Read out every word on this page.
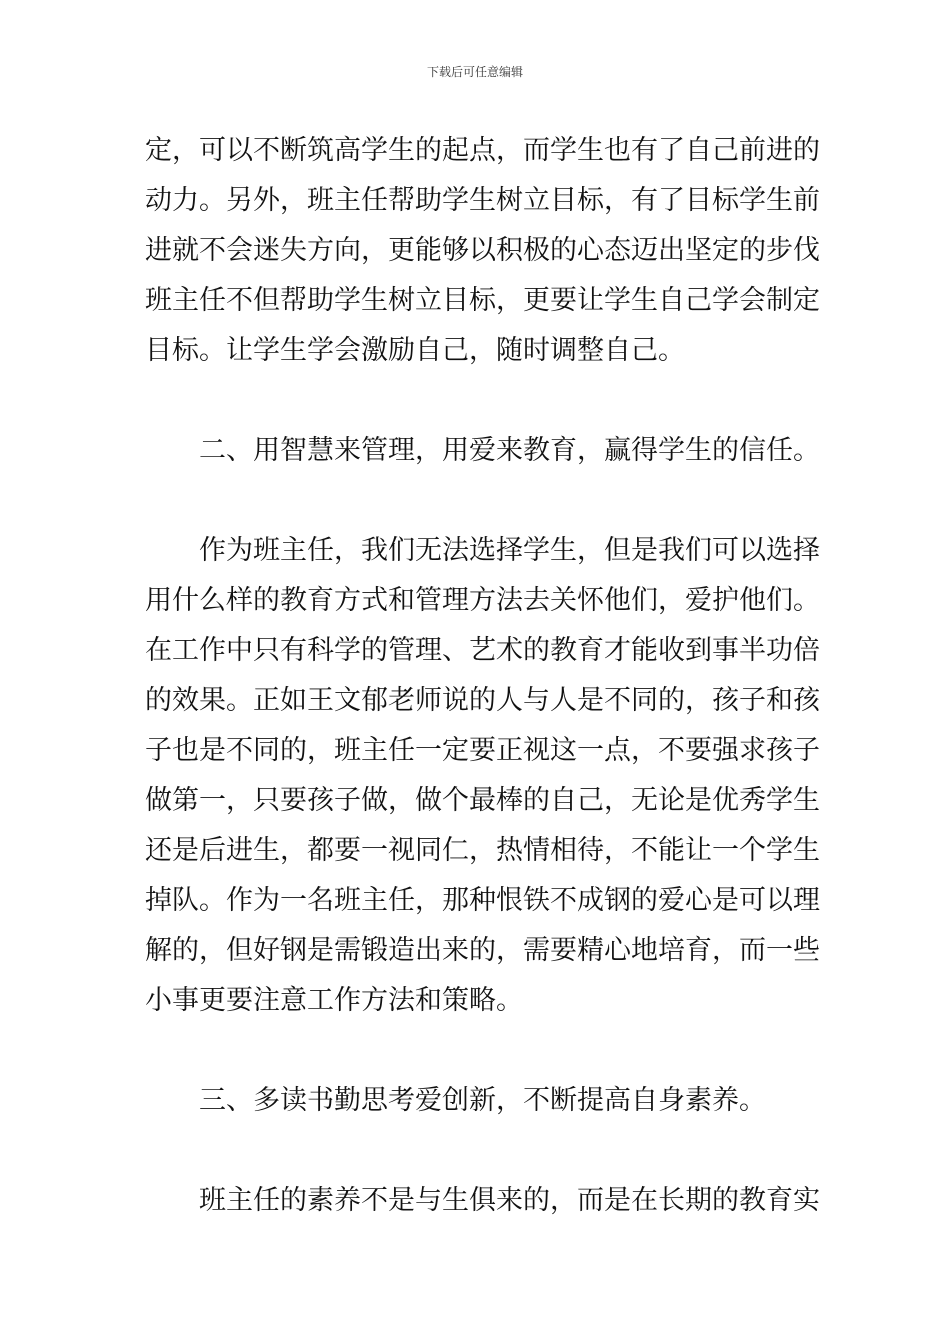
下载后可任意编辑
定，可以不断筑高学生的起点，而学生也有了自己前进的
动力。另外，班主任帮助学生树立目标，有了目标学生前
进就不会迷失方向，更能够以积极的心态迈出坚定的步伐
班主任不但帮助学生树立目标，更要让学生自己学会制定
目标。让学生学会激励自己，随时调整自己。
二、用智慧来管理，用爱来教育，赢得学生的信任。
作为班主任，我们无法选择学生，但是我们可以选择
用什么样的教育方式和管理方法去关怀他们，爱护他们。
在工作中只有科学的管理、艺术的教育才能收到事半功倍
的效果。正如王文郁老师说的人与人是不同的，孩子和孩
子也是不同的，班主任一定要正视这一点，不要强求孩子
做第一，只要孩子做，做个最棒的自己，无论是优秀学生
还是后进生，都要一视同仁，热情相待，不能让一个学生
掉队。作为一名班主任，那种恨铁不成钢的爱心是可以理
解的，但好钢是需锻造出来的，需要精心地培育，而一些
小事更要注意工作方法和策略。
三、多读书勤思考爱创新，不断提高自身素养。
班主任的素养不是与生俱来的，而是在长期的教育实
